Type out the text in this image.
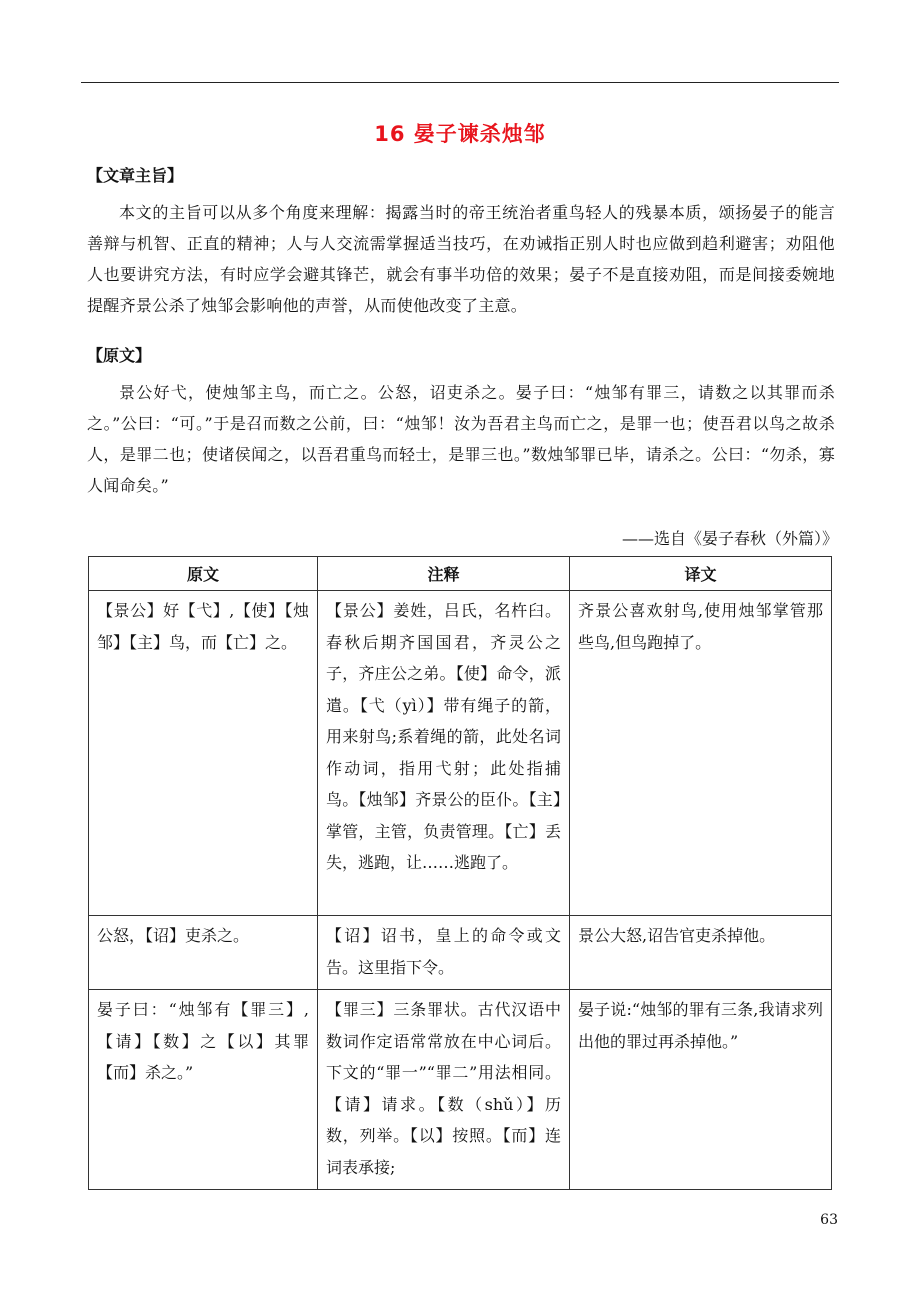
16 晏子谏杀烛邹
【文章主旨】
本文的主旨可以从多个角度来理解：揭露当时的帝王统治者重鸟轻人的残暴本质，颂扬晏子的能言善辩与机智、正直的精神；人与人交流需掌握适当技巧，在劝诫指正别人时也应做到趋利避害；劝阻他人也要讲究方法，有时应学会避其锋芒，就会有事半功倍的效果；晏子不是直接劝阻，而是间接委婉地提醒齐景公杀了烛邹会影响他的声誉，从而使他改变了主意。
【原文】
景公好弋，使烛邹主鸟，而亡之。公怒，诏吏杀之。晏子曰：“烛邹有罪三，请数之以其罪而杀之。”公曰：“可。”于是召而数之公前，曰：“烛邹！汝为吾君主鸟而亡之，是罪一也；使吾君以鸟之故杀人，是罪二也；使诸侯闻之，以吾君重鸟而轻士，是罪三也。”数烛邹罪已毕，请杀之。公曰：“勿杀，寡人闻命矣。”
——选自《晏子春秋（外篇）》
原文	注释	译文
【景公】好【弋】,【使】【烛邹】【主】鸟，而【亡】之。	【景公】姜姓，吕氏，名杵臼。春秋后期齐国国君，齐灵公之子，齐庄公之弟。【使】命令，派遣。【弋（yì）】带有绳子的箭，用来射鸟;系着绳的箭，此处名词作动词，指用弋射；此处指捕鸟。【烛邹】齐景公的臣仆。【主】掌管，主管，负责管理。【亡】丢失，逃跑，让……逃跑了。	齐景公喜欢射鸟,使用烛邹掌管那些鸟,但鸟跑掉了。
公怒，【诏】吏杀之。	【诏】诏书，皇上的命令或文告。这里指下令。	景公大怒,诏告官吏杀掉他。
晏子曰：“烛邹有【罪三】,【请】【数】之【以】其罪【而】杀之。”	【罪三】三条罪状。古代汉语中数词作定语常常放在中心词后。下文的“罪一”“罪二”用法相同。【请】请求。【数（shǔ）】历数，列举。【以】按照。【而】连词表承接;	晏子说:“烛邹的罪有三条,我请求列出他的罪过再杀掉他。”
63
